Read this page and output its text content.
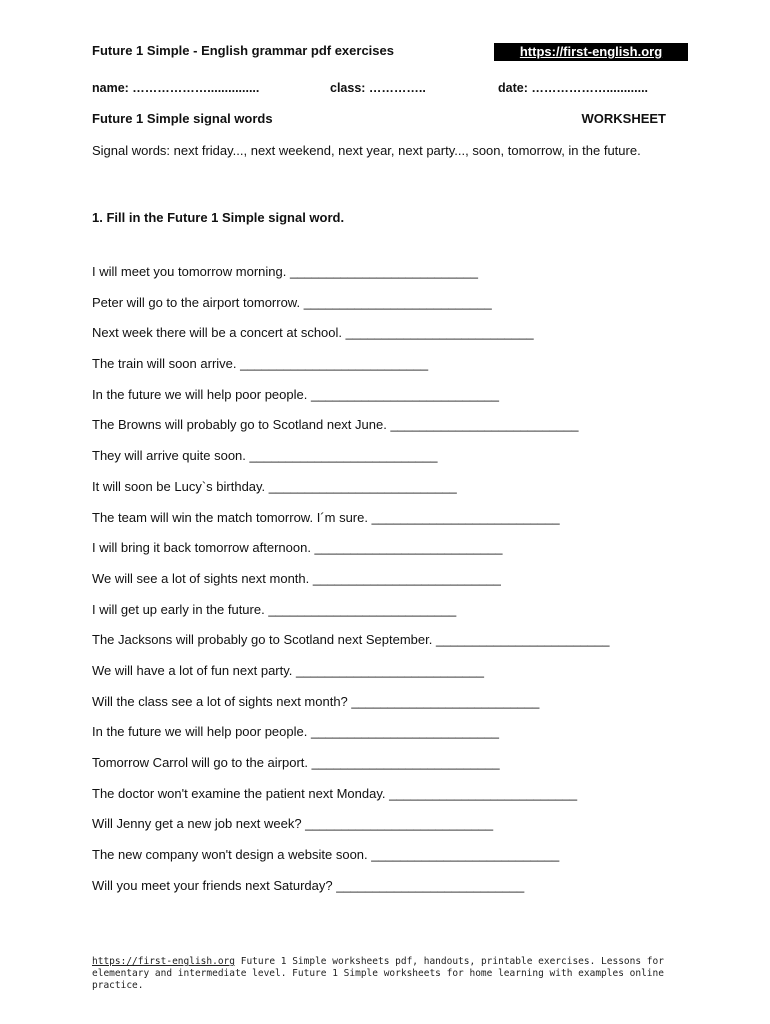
Future 1 Simple - English grammar pdf exercises	https://first-english.org
name: ………………...............	class: …………..	date: ………………............
Future 1 Simple signal words	WORKSHEET
Signal words: next friday..., next weekend, next year, next party..., soon, tomorrow, in the future.
1. Fill in the Future 1 Simple signal word.
I will meet you tomorrow morning. __________________________
Peter will go to the airport tomorrow. __________________________
Next week there will be a concert at school. __________________________
The train will soon arrive. __________________________
In the future we will help poor people. __________________________
The Browns will probably go to Scotland next June. __________________________
They will arrive quite soon. __________________________
It will soon be Lucy`s birthday. __________________________
The team will win the match tomorrow. I´m sure. __________________________
I will bring it back tomorrow afternoon. __________________________
We will see a lot of sights next month. __________________________
I will get up early in the future. __________________________
The Jacksons will probably go to Scotland next September. ________________________
We will have a lot of fun next party. __________________________
Will the class see a lot of sights next month? __________________________
In the future we will help poor people. __________________________
Tomorrow Carrol will go to the airport. __________________________
The doctor won't examine the patient next Monday. __________________________
Will Jenny get a new job next week? __________________________
The new company won't design a website soon. __________________________
Will you meet your friends next Saturday? __________________________
https://first-english.org Future 1 Simple worksheets pdf, handouts, printable exercises. Lessons for elementary and intermediate level. Future 1 Simple worksheets for home learning with examples online practice.
